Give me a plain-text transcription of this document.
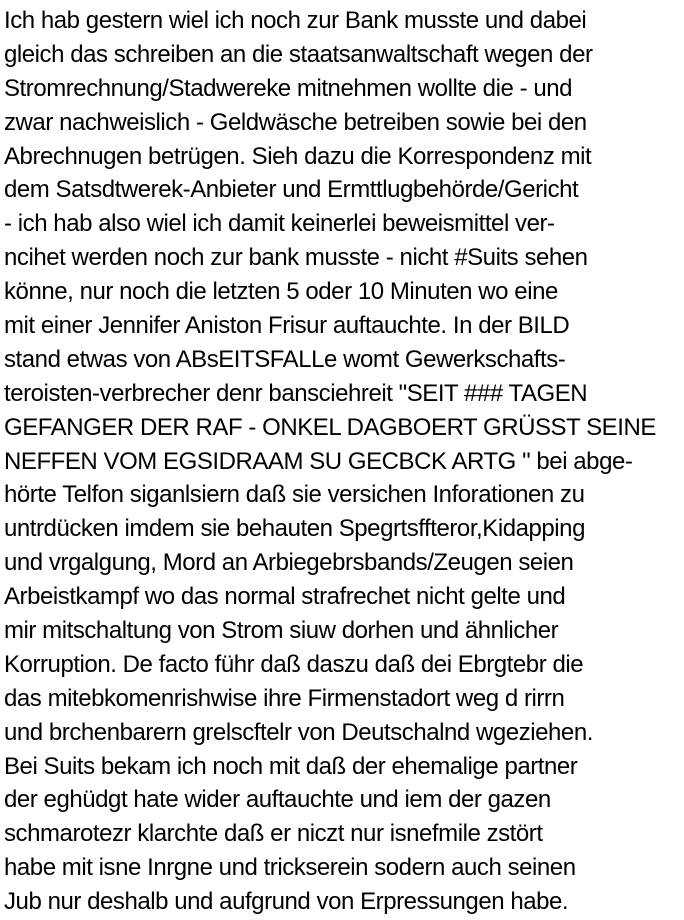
Ich hab gestern wiel ich noch zur Bank musste und dabei
gleich das schreiben an die staatsanwaltschaft wegen der
Stromrechnung/Stadwereke mitnehmen wollte die - und
zwar nachweislich - Geldwäsche betreiben sowie bei den
Abrechnugen betrügen. Sieh dazu die Korrespondenz mit
dem Satsdtwerek-Anbieter und Ermttlugbehörde/Gericht
- ich hab also wiel ich damit keinerlei beweismittel ver-
ncihet werden noch zur bank musste - nicht #Suits sehen
könne, nur noch die letzten 5 oder 10 Minuten wo eine
mit einer Jennifer Aniston Frisur auftauchte. In der BILD
stand etwas von ABsEITSFALLe womt Gewerkschafts-
teroisten-verbrecher denr bansciehreit "SEIT ### TAGEN
GEFANGER DER RAF - ONKEL DAGBOERT GRÜSST SEINE
NEFFEN VOM EGSIDRAAM SU GECBCK ARTG " bei abge-
hörte Telfon siganlsiern daß sie versichen Inforationen zu
untrdücken imdem sie behauten Spegrtsffteror,Kidapping
und vrgalgung, Mord an Arbiegebrsbands/Zeugen seien
Arbeistkampf wo das normal strafrechet nicht gelte und
mir mitschaltung von Strom siuw dorhen und ähnlicher
Korruption. De facto führ daß daszu daß dei Ebrgtebr die
das mitebkomenrishwise ihre Firmenstadort weg d rirrn
und brchenbarern grelscftelr von Deutschalnd wgeziehen.
Bei Suits bekam ich noch mit daß der ehemalige partner
der eghüdgt hate wider auftauchte und iem der gazen
schmarotezr klarchte daß er niczt nur isnefmile zstört
habe mit isne Inrgne und trickserein sodern auch seinen
Jub nur deshalb und aufgrund von Erpressungen habe.
